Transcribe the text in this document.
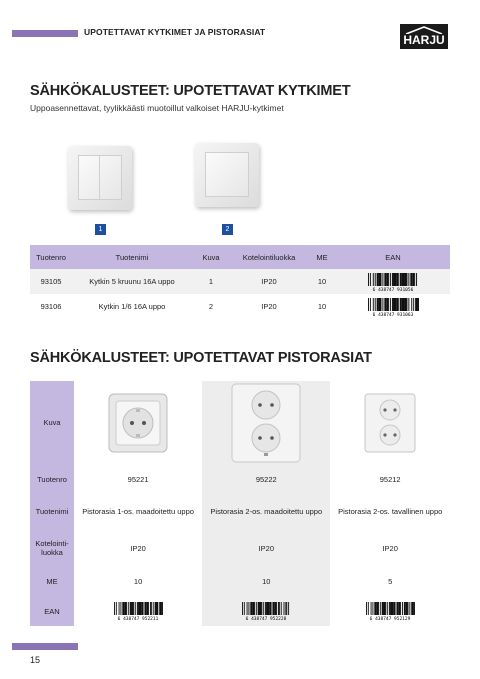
UPOTETTAVAT KYTKIMET JA PISTORASIAT
HARJU
SÄHKÖKALUSTEET: UPOTETTAVAT KYTKIMET
Uppoasennettavat, tyylikkäästi muotoillut valkoiset HARJU-kytkimet
1	2
Tuotenro	Tuotenimi	Kuva	Kotelointiluokka	ME	EAN
93105	Kytkin 5 kruunu 16A uppo	1	IP20	10	6 438747 931056

93106	Kytkin 1/6 16A uppo	2	IP20	10	6 438747 931063
SÄHKÖKALUSTEET: UPOTETTAVAT PISTORASIAT
Kuva	

Tuotenro	95221	95222	95212
Tuotenimi	Pistorasia 1-os. maadoitettu uppo	Pistorasia 2-os. maadoitettu uppo	Pistorasia 2-os. tavallinen uppo
Kotelointi-luokka	IP20	IP20	IP20
ME	10	10	5
EAN	6 438747 952211	6 438747 952228	6 438747 952129
15
